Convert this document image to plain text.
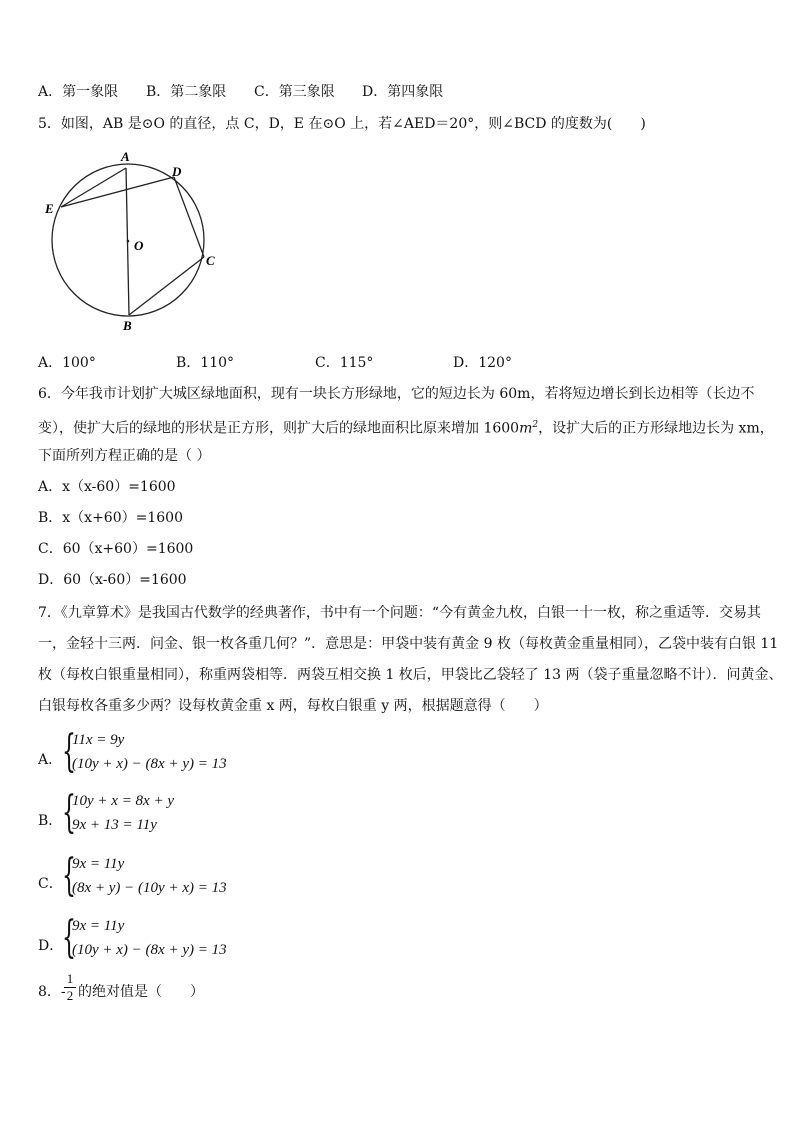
A．第一象限 B．第二象限 C．第三象限 D．第四象限
5．如图，AB 是⊙O 的直径，点 C，D，E 在⊙O 上，若∠AED＝20°，则∠BCD 的度数为(　　)
A
D
E
O
C
B
A．100°	B．110°	C．115°	D．120°
6．今年我市计划扩大城区绿地面积，现有一块长方形绿地，它的短边长为 60m，若将短边增长到长边相等（长边不
变），使扩大后的绿地的形状是正方形，则扩大后的绿地面积比原来增加 $1600m^2$，设扩大后的正方形绿地边长为 xm，
下面所列方程正确的是（ ）
A．x（x-60）=1600
B．x（x+60）=1600
C．60（x+60）=1600
D．60（x-60）=1600
7．《九章算术》是我国古代数学的经典著作，书中有一个问题：“今有黄金九枚，白银一十一枚，称之重适等．交易其
一，金轻十三两．问金、银一枚各重几何？”．意思是：甲袋中装有黄金 9 枚（每枚黄金重量相同），乙袋中装有白银 11
枚（每枚白银重量相同），称重两袋相等．两袋互相交换 1 枚后，甲袋比乙袋轻了 13 两（袋子重量忽略不计）．问黄金、
白银每枚各重多少两？设每枚黄金重 x 两，每枚白银重 y 两，根据题意得（　　）
A． {
11x = 9y
(10y + x) − (8x + y) = 13
B． {
10y + x = 8x + y
9x + 13 = 11y
C． {
9x = 11y
(8x + y) − (10y + x) = 13
D．
{
9x = 11y
(10y + x) − (8x + y) = 13
8．-
1
2 的绝对值是（　　）
